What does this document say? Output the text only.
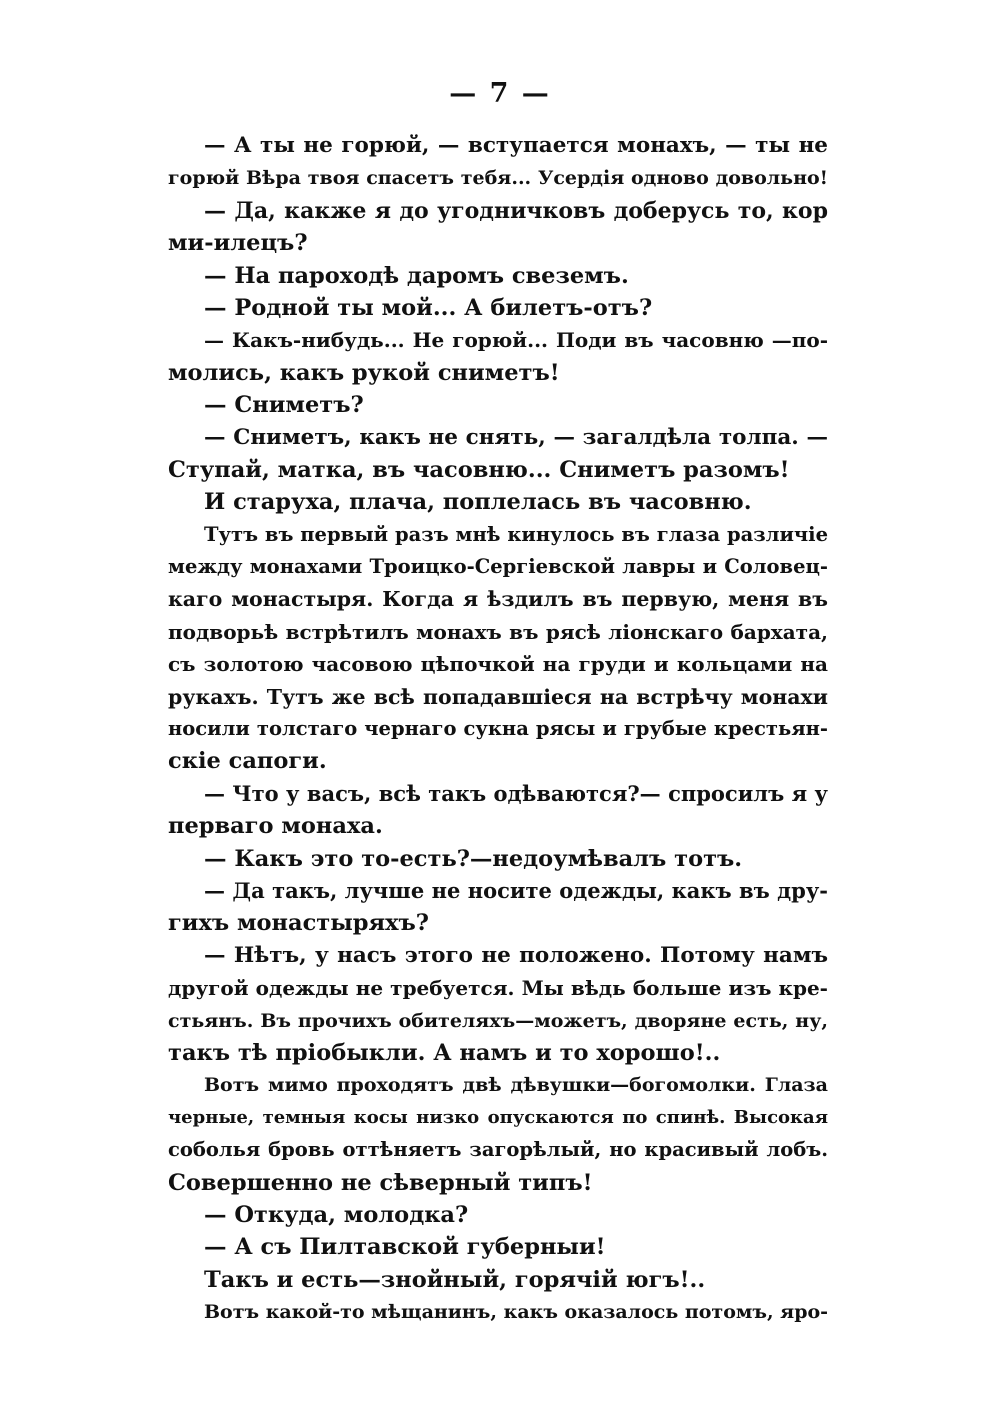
— 7 —
— А ты не горюй, — вступается монахъ, — ты не
горюй Вѣра твоя спасетъ тебя... Усердія одново довольно!
— Да, какже я до угодничковъ доберусь то, кор
ми-илецъ?
— На пароходѣ даромъ свеземъ.
— Родной ты мой... А билетъ-отъ?
— Какъ-нибудь... Не горюй... Поди въ часовню —по-
молись, какъ рукой сниметъ!
— Сниметъ?
— Сниметъ, какъ не снять, — загалдѣла толпа. —
Ступай, матка, въ часовню... Сниметъ разомъ!
И старуха, плача, поплелась въ часовню.
Тутъ въ первый разъ мнѣ кинулось въ глаза различіе
между монахами Троицко-Сергіевской лавры и Соловец-
каго монастыря. Когда я ѣздилъ въ первую, меня въ
подворьѣ встрѣтилъ монахъ въ рясѣ ліонскаго бархата,
съ золотою часовою цѣпочкой на груди и кольцами на
рукахъ. Тутъ же всѣ попадавшіеся на встрѣчу монахи
носили толстаго чернаго сукна рясы и грубые крестьян-
скіе сапоги.
— Что у васъ, всѣ такъ одѣваются?— спросилъ я у
перваго монаха.
— Какъ это то-есть?—недоумѣвалъ тотъ.
— Да такъ, лучше не носите одежды, какъ въ дру-
гихъ монастыряхъ?
— Нѣтъ, у насъ этого не положено. Потому намъ
другой одежды не требуется. Мы вѣдь больше изъ кре-
стьянъ. Въ прочихъ обителяхъ—можетъ, дворяне есть, ну,
такъ тѣ пріобыкли. А намъ и то хорошо!..
Вотъ мимо проходятъ двѣ дѣвушки—богомолки. Глаза
черные, темныя косы низко опускаются по спинѣ. Высокая
соболья бровь оттѣняетъ загорѣлый, но красивый лобъ.
Совершенно не сѣверный типъ!
— Откуда, молодка?
— А съ Пилтавской губерныи!
Такъ и есть—знойный, горячій югъ!..
Вотъ какой-то мѣщанинъ, какъ оказалось потомъ, яро-
